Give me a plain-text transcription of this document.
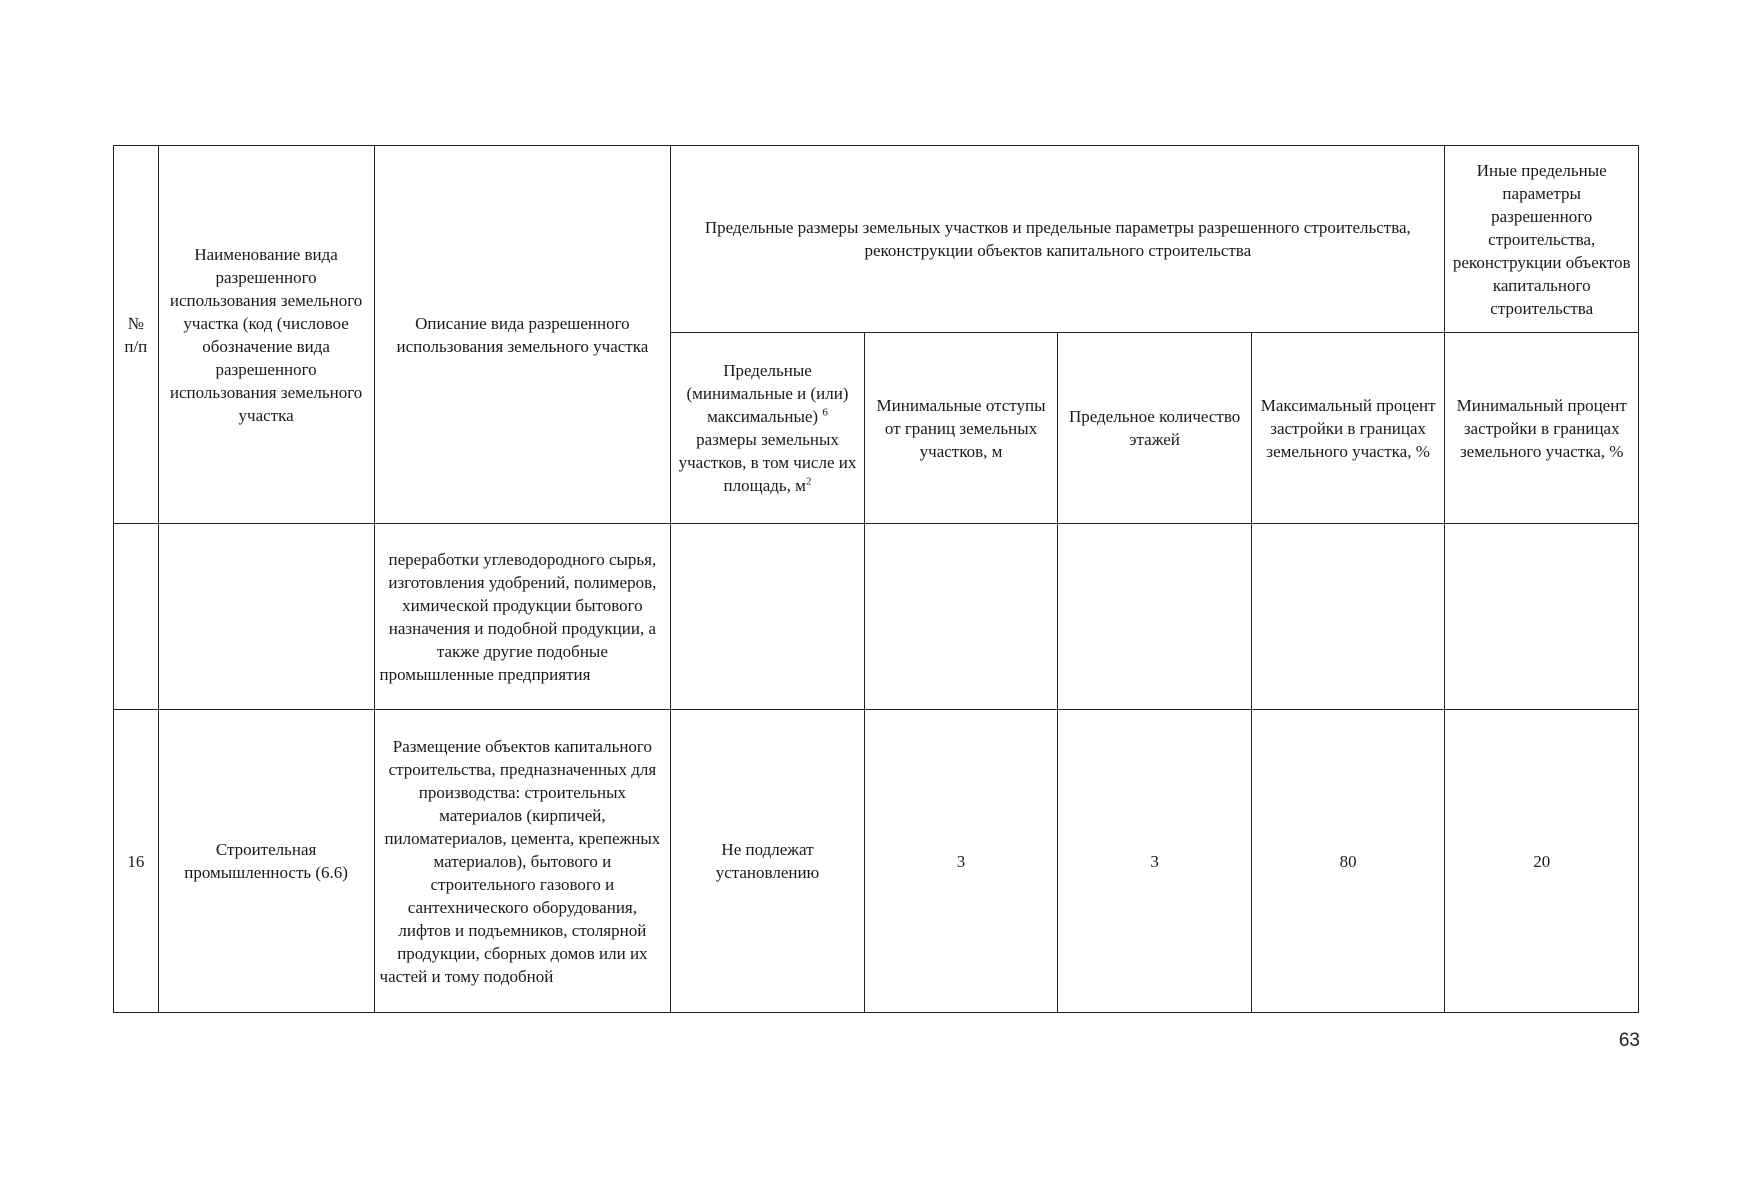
№ п/п	Наименование вида разрешенного использования земельного участка (код (числовое обозначение вида разрешенного использования земельного участка	Описание вида разрешенного использования земельного участка	Предельные размеры земельных участков и предельные параметры разрешенного строительства, реконструкции объектов капитального строительства				Иные предельные параметры разрешенного строительства, реконструкции объектов капитального строительства
			Предельные (минимальные и (или) максимальные) $^6$ размеры земельных участков, в том числе их площадь, $м^2$	Минимальные отступы от границ земельных участков, м	Предельное количество этажей	Максимальный процент застройки в границах земельного участка, %	Минимальный процент застройки в границах земельного участка, %
		переработки углеводородного сырья, изготовления удобрений, полимеров, химической продукции бытового назначения и подобной продукции, а также другие подобные промышленные предприятия					
16	Строительная промышленность (6.6)	Размещение объектов капитального строительства, предназначенных для производства: строительных материалов (кирпичей, пиломатериалов, цемента, крепежных материалов), бытового и строительного газового и сантехнического оборудования, лифтов и подъемников, столярной продукции, сборных домов или их частей и тому подобной	Не подлежат установлению	3	3	80	20
63
